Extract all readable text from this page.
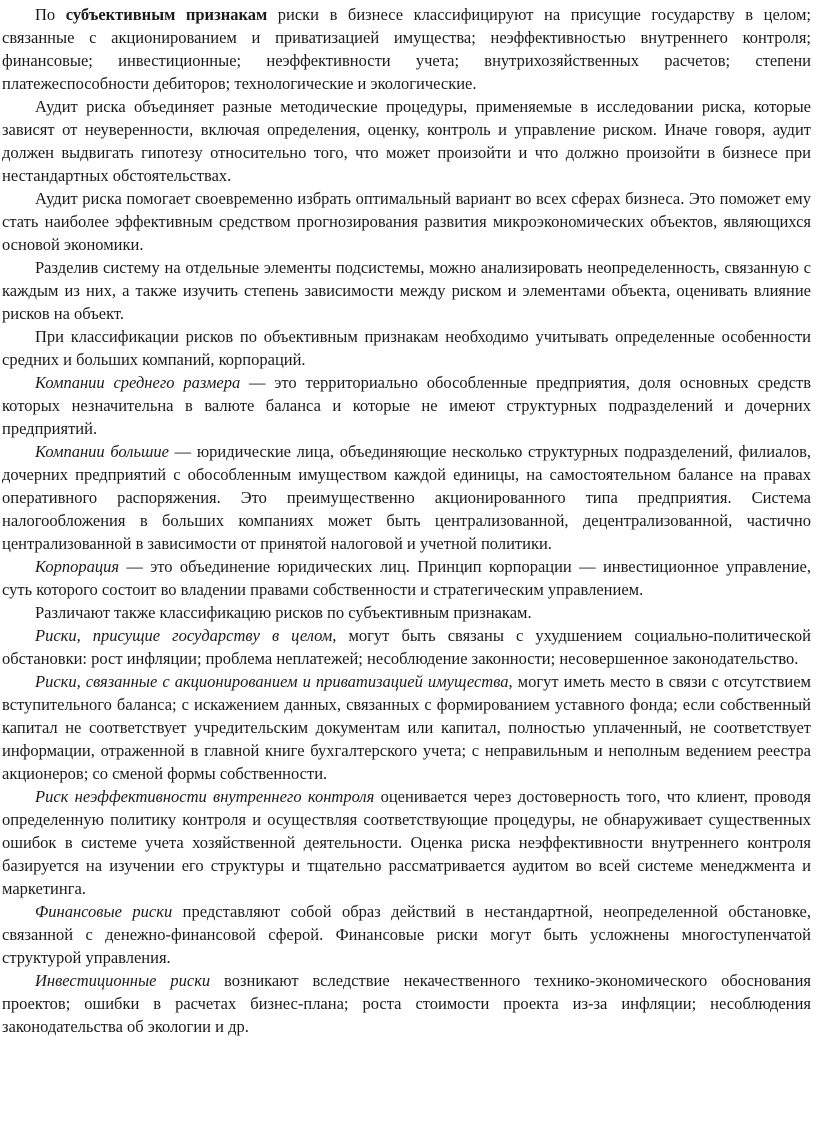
По субъективным признакам риски в бизнесе классифицируют на присущие государству в целом; связанные с акционированием и приватизацией имущества; неэффективностью внутреннего контроля; финансовые; инвестиционные; неэффективности учета; внутрихозяйственных расчетов; степени платежеспособности дебиторов; технологические и экологические.

Аудит риска объединяет разные методические процедуры, применяемые в исследовании риска, которые зависят от неуверенности, включая определения, оценку, контроль и управление риском. Иначе говоря, аудит должен выдвигать гипотезу относительно того, что может произойти и что должно произойти в бизнесе при нестандартных обстоятельствах.

Аудит риска помогает своевременно избрать оптимальный вариант во всех сферах бизнеса. Это поможет ему стать наиболее эффективным средством прогнозирования развития микроэкономических объектов, являющихся основой экономики.

Разделив систему на отдельные элементы подсистемы, можно анализировать неопределенность, связанную с каждым из них, а также изучить степень зависимости между риском и элементами объекта, оценивать влияние рисков на объект.

При классификации рисков по объективным признакам необходимо учитывать определенные особенности средних и больших компаний, корпораций.

Компании среднего размера — это территориально обособленные предприятия, доля основных средств которых незначительна в валюте баланса и которые не имеют структурных подразделений и дочерних предприятий.

Компании большие — юридические лица, объединяющие несколько структурных подразделений, филиалов, дочерних предприятий с обособленным имуществом каждой единицы, на самостоятельном балансе на правах оперативного распоряжения. Это преимущественно акционированного типа предприятия. Система налогообложения в больших компаниях может быть централизованной, децентрализованной, частично централизованной в зависимости от принятой налоговой и учетной политики.

Корпорация — это объединение юридических лиц. Принцип корпорации — инвестиционное управление, суть которого состоит во владении правами собственности и стратегическим управлением.

Различают также классификацию рисков по субъективным признакам.

Риски, присущие государству в целом, могут быть связаны с ухудшением социально-политической обстановки: рост инфляции; проблема неплатежей; несоблюдение законности; несовершенное законодательство.

Риски, связанные с акционированием и приватизацией имущества, могут иметь место в связи с отсутствием вступительного баланса; с искажением данных, связанных с формированием уставного фонда; если собственный капитал не соответствует учредительским документам или капитал, полностью уплаченный, не соответствует информации, отраженной в главной книге бухгалтерского учета; с неправильным и неполным ведением реестра акционеров; со сменой формы собственности.

Риск неэффективности внутреннего контроля оценивается через достоверность того, что клиент, проводя определенную политику контроля и осуществляя соответствующие процедуры, не обнаруживает существенных ошибок в системе учета хозяйственной деятельности. Оценка риска неэффективности внутреннего контроля базируется на изучении его структуры и тщательно рассматривается аудитом во всей системе менеджмента и маркетинга.

Финансовые риски представляют собой образ действий в нестандартной, неопределенной обстановке, связанной с денежно-финансовой сферой. Финансовые риски могут быть усложнены многоступенчатой структурой управления.

Инвестиционные риски возникают вследствие некачественного технико-экономического обоснования проектов; ошибки в расчетах бизнес-плана; роста стоимости проекта из-за инфляции; несоблюдения законодательства об экологии и др.
